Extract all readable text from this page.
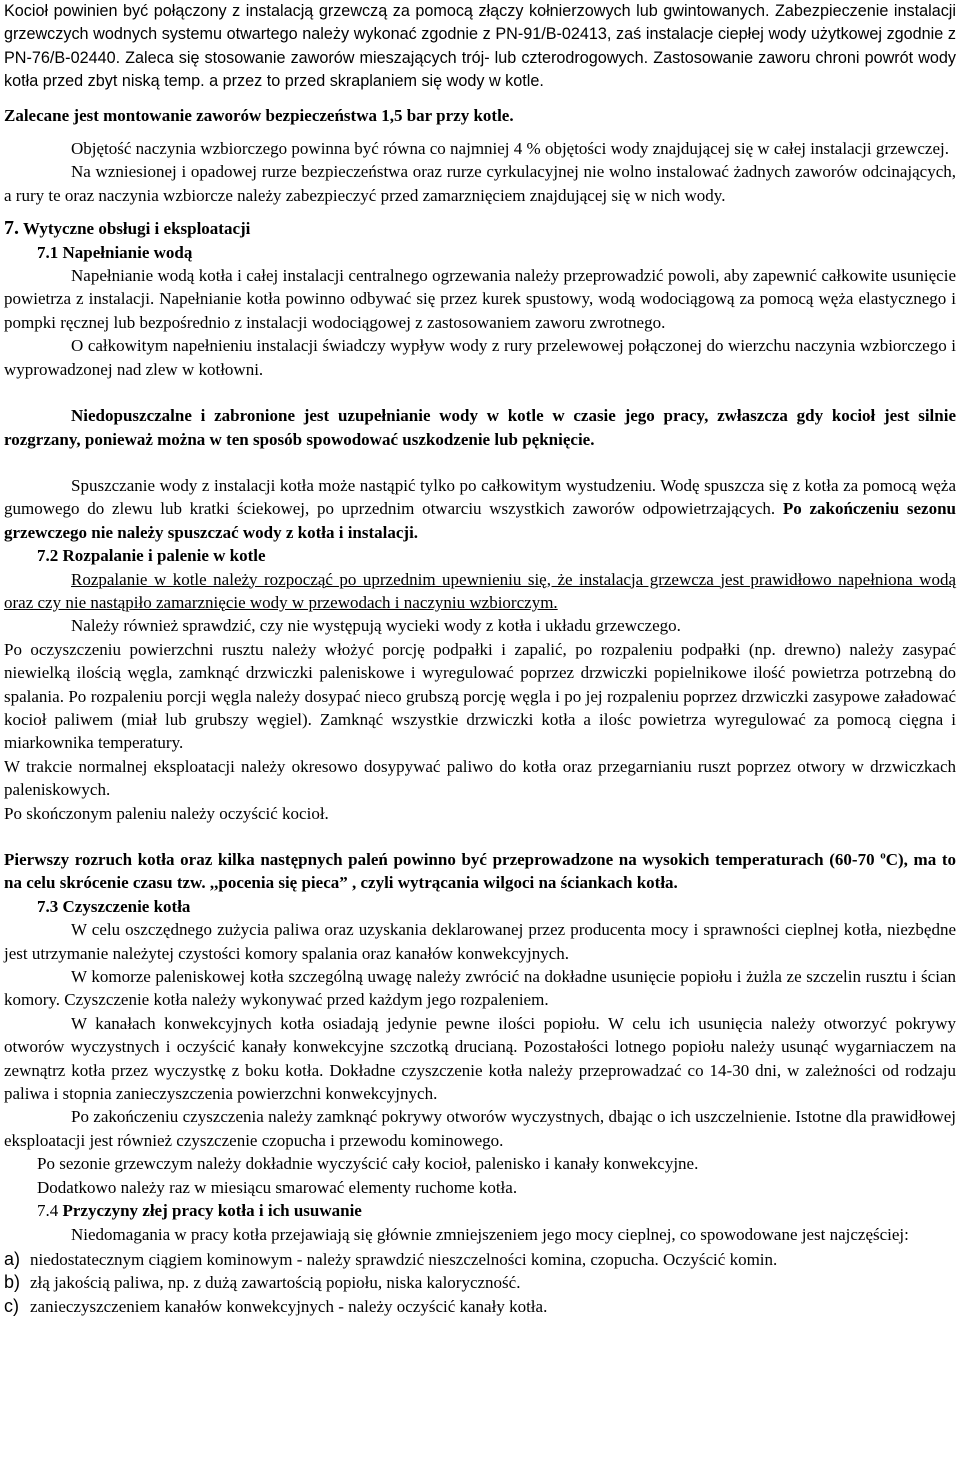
Kocioł powinien być połączony z instalacją grzewczą za pomocą złączy kołnierzowych lub gwintowanych. Zabezpieczenie instalacji grzewczych wodnych systemu otwartego należy wykonać zgodnie z PN-91/B-02413, zaś instalacje ciepłej wody użytkowej zgodnie z PN-76/B-02440. Zaleca się stosowanie zaworów mieszających trój- lub czterodrogowych. Zastosowanie zaworu chroni powrót wody kotła przed zbyt niską temp. a przez to przed skraplaniem się wody w kotle.

Zalecane jest montowanie zaworów bezpieczeństwa 1,5 bar przy kotle.

Objętość naczynia wzbiorczego powinna być równa co najmniej 4 % objętości wody znajdującej się w całej instalacji grzewczej.

Na wzniesionej i opadowej rurze bezpieczeństwa oraz rurze cyrkulacyjnej nie wolno instalować żadnych zaworów odcinających, a rury te oraz naczynia wzbiorcze należy zabezpieczyć przed zamarznięciem znajdującej się w nich wody.

7. Wytyczne obsługi i eksploatacji

7.1 Napełnianie wodą

Napełnianie wodą kotła i całej instalacji centralnego ogrzewania należy przeprowadzić powoli, aby zapewnić całkowite usunięcie powietrza z instalacji. Napełnianie kotła powinno odbywać się przez kurek spustowy, wodą wodociągową za pomocą węża elastycznego i pompki ręcznej lub bezpośrednio z instalacji wodociągowej z zastosowaniem zaworu zwrotnego.

O całkowitym napełnieniu instalacji świadczy wypływ wody z rury przelewowej połączonej do wierzchu naczynia wzbiorczego i wyprowadzonej nad zlew w kotłowni.

Niedopuszczalne i zabronione jest uzupełnianie wody w kotle w czasie jego pracy, zwłaszcza gdy kocioł jest silnie rozgrzany, ponieważ można w ten sposób spowodować uszkodzenie lub pęknięcie.

Spuszczanie wody z instalacji kotła może nastąpić tylko po całkowitym wystudzeniu. Wodę spuszcza się z kotła za pomocą węża gumowego do zlewu lub kratki ściekowej, po uprzednim otwarciu wszystkich zaworów odpowietrzających. Po zakończeniu sezonu grzewczego nie należy spuszczać wody z kotła i instalacji.

7.2 Rozpalanie i palenie w kotle

Rozpalanie w kotle należy rozpocząć po uprzednim upewnieniu się, że instalacja grzewcza jest prawidłowo napełniona wodą oraz czy nie nastąpiło zamarznięcie wody w przewodach i naczyniu wzbiorczym.

Należy również sprawdzić, czy nie występują wycieki wody z kotła i układu grzewczego.

Po oczyszczeniu powierzchni rusztu należy włożyć porcję podpałki i zapalić, po rozpaleniu podpałki (np. drewno) należy zasypać niewielką ilością węgla, zamknąć drzwiczki paleniskowe i wyregulować poprzez drzwiczki popielnikowe ilość powietrza potrzebną do spalania. Po rozpaleniu porcji węgla należy dosypać nieco grubszą porcję węgla i po jej rozpaleniu poprzez drzwiczki zasypowe załadować kocioł paliwem (miał lub grubszy węgiel). Zamknąć wszystkie drzwiczki kotła a ilośc powietrza wyregulować za pomocą cięgna i miarkownika temperatury.

W trakcie normalnej eksploatacji należy okresowo dosypywać paliwo do kotła oraz przegarnianiu ruszt poprzez otwory w drzwiczkach paleniskowych.

Po skończonym paleniu należy oczyścić kocioł.

Pierwszy rozruch kotła oraz kilka następnych paleń powinno być przeprowadzone na wysokich temperaturach (60-70 $^o$C), ma to na celu skrócenie czasu tzw. ,,pocenia się pieca” , czyli wytrącania wilgoci na ściankach kotła.

7.3 Czyszczenie kotła

W celu oszczędnego zużycia paliwa oraz uzyskania deklarowanej przez producenta mocy i sprawności cieplnej kotła, niezbędne jest utrzymanie należytej czystości komory spalania oraz kanałów konwekcyjnych.

W komorze paleniskowej kotła szczególną uwagę należy zwrócić na dokładne usunięcie popiołu i żużla ze szczelin rusztu i ścian komory. Czyszczenie kotła należy wykonywać przed każdym jego rozpaleniem.

W kanałach konwekcyjnych kotła osiadają jedynie pewne ilości popiołu. W celu ich usunięcia należy otworzyć pokrywy otworów wyczystnych i oczyścić kanały konwekcyjne szczotką drucianą. Pozostałości lotnego popiołu należy usunąć wygarniaczem na zewnątrz kotła przez wyczystkę z boku kotła. Dokładne czyszczenie kotła należy przeprowadzać co 14-30 dni, w zależności od rodzaju paliwa i stopnia zanieczyszczenia powierzchni konwekcyjnych.

Po zakończeniu czyszczenia należy zamknąć pokrywy otworów wyczystnych, dbając o ich uszczelnienie. Istotne dla prawidłowej eksploatacji jest również czyszczenie czopucha i przewodu kominowego.

Po sezonie grzewczym należy dokładnie wyczyścić cały kocioł, palenisko i kanały konwekcyjne.

Dodatkowo należy raz w miesiącu smarować elementy ruchome kotła.

7.4 Przyczyny złej pracy kotła i ich usuwanie

Niedomagania w pracy kotła przejawiają się głównie zmniejszeniem jego mocy cieplnej, co spowodowane jest najczęściej:

a) niedostatecznym ciągiem kominowym - należy sprawdzić nieszczelności komina, czopucha. Oczyścić komin.
b) złą jakością paliwa, np. z dużą zawartością popiołu, niska kaloryczność.
c) zanieczyszczeniem kanałów konwekcyjnych - należy oczyścić kanały kotła.
